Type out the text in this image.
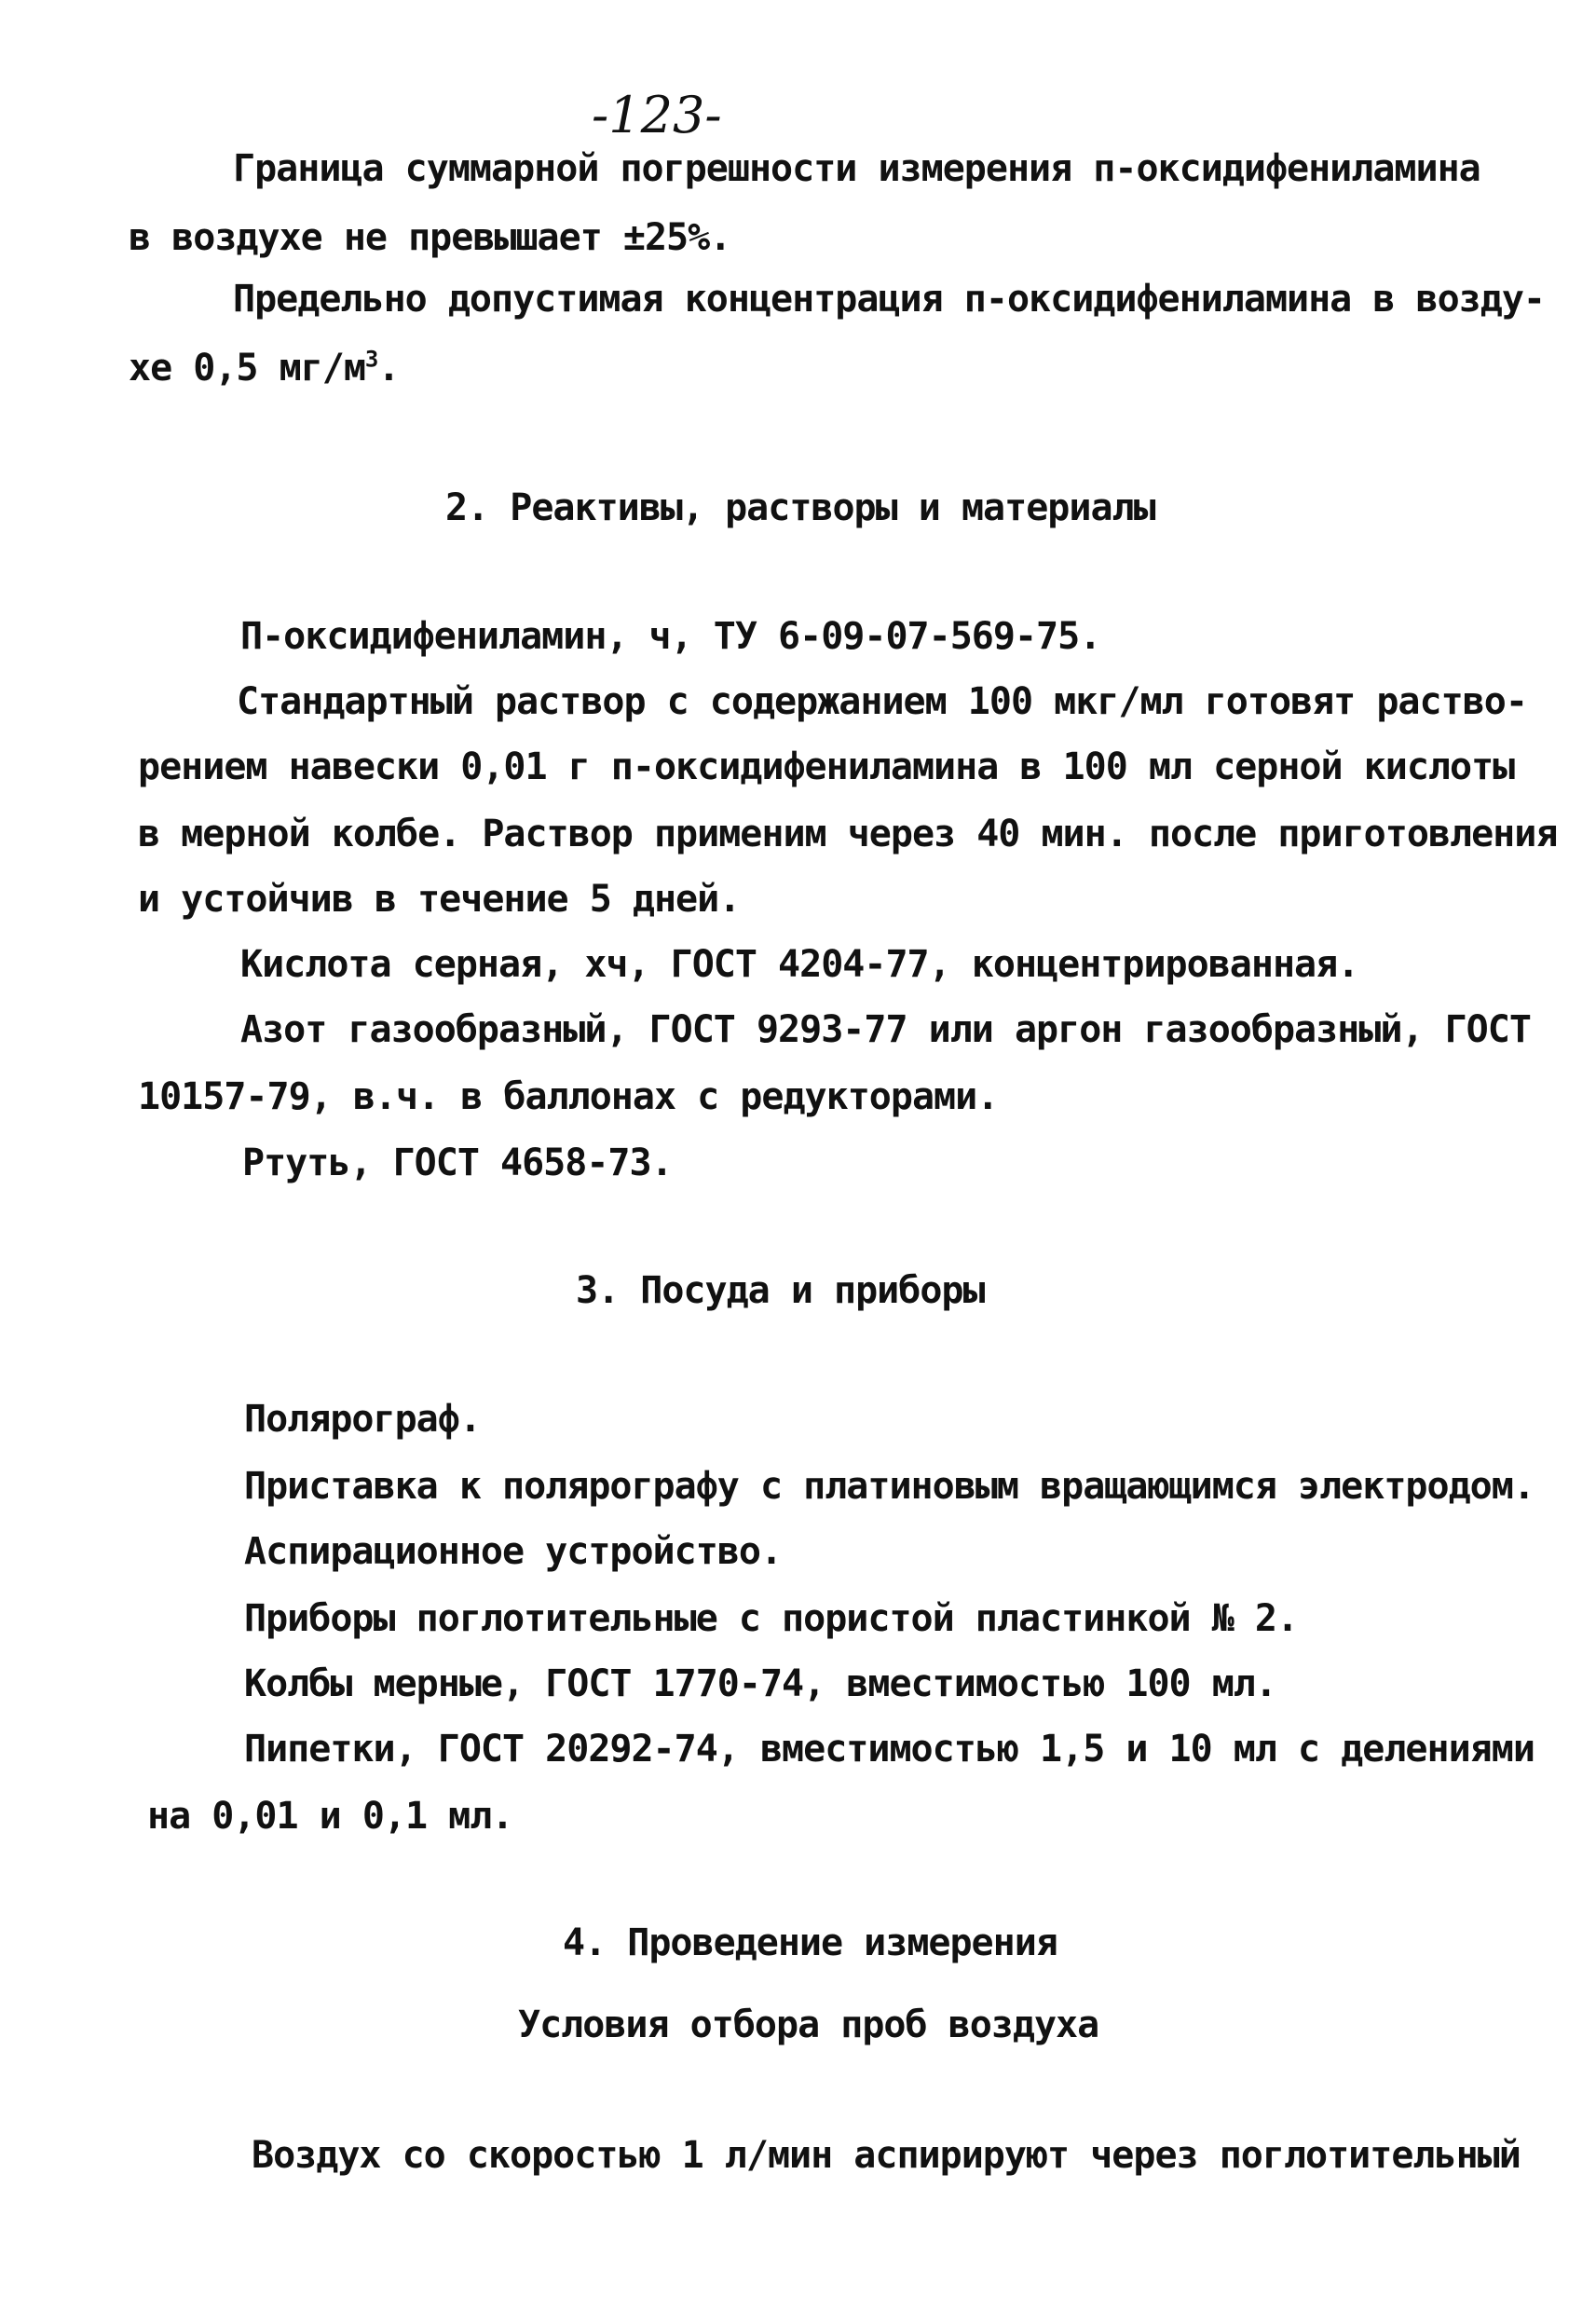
-123-
Граница суммарной погрешности измерения п-оксидифениламина
в воздухе не превышает ±25%.
Предельно допустимая концентрация п-оксидифениламина в возду-
хе 0,5 $мг/м^3$.
2. Реактивы, растворы и материалы
П-оксидифениламин, ч, ТУ 6-09-07-569-75.
Стандартный раствор с содержанием 100 мкг/мл готовят раство-
рением навески 0,01 г п-оксидифениламина в 100 мл серной кислоты
в мерной колбе. Раствор применим через 40 мин. после приготовления
и устойчив в течение 5 дней.
Кислота серная, хч, ГОСТ 4204-77, концентрированная.
Азот газообразный, ГОСТ 9293-77 или аргон газообразный, ГОСТ
10157-79, в.ч. в баллонах с редукторами.
Ртуть, ГОСТ 4658-73.
3. Посуда и приборы
Полярограф.
Приставка к полярографу с платиновым вращающимся электродом.
Аспирационное устройство.
Приборы поглотительные с пористой пластинкой № 2.
Колбы мерные, ГОСТ 1770-74, вместимостью 100 мл.
Пипетки, ГОСТ 20292-74, вместимостью 1,5 и 10 мл с делениями
на 0,01 и 0,1 мл.
4. Проведение измерения
Условия отбора проб воздуха
Воздух со скоростью 1 л/мин аспирируют через поглотительный
